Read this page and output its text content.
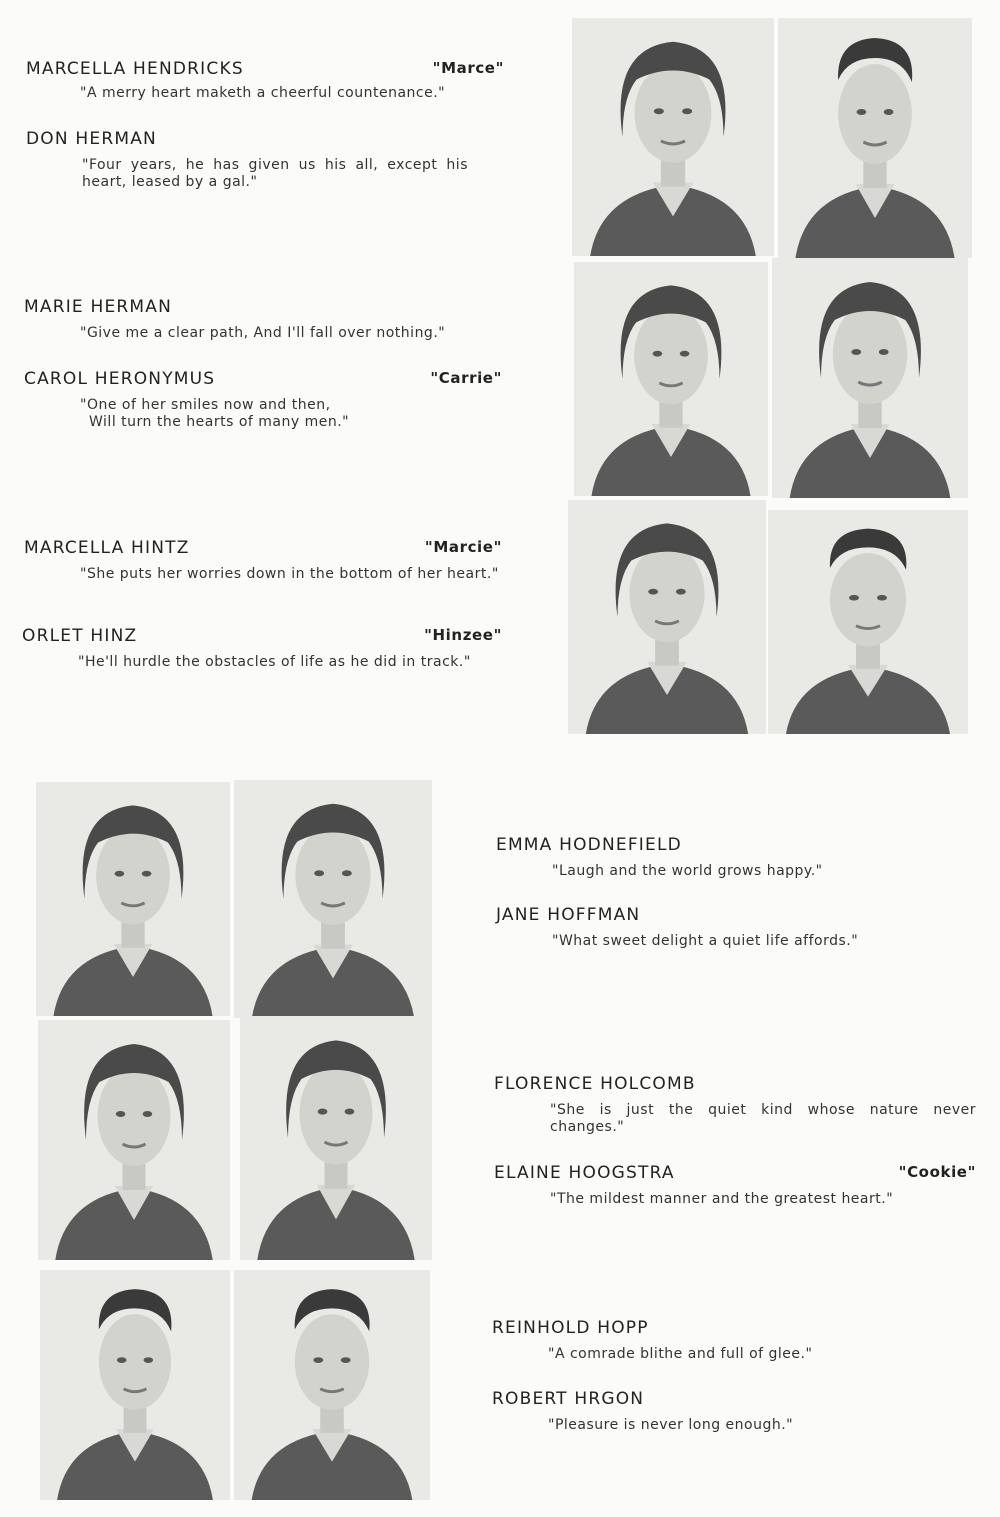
MARCELLA HENDRICKS	"Marce"
"A merry heart maketh a cheerful countenance."
DON HERMAN
"Four years, he has given us his all, except his heart, leased by a gal."
MARIE HERMAN
"Give me a clear path, And I'll fall over nothing."
CAROL HERONYMUS	"Carrie"
"One of her smiles now and then,
Will turn the hearts of many men."
MARCELLA HINTZ	"Marcie"
"She puts her worries down in the bottom of her heart."
ORLET HINZ	"Hinzee"
"He'll hurdle the obstacles of life as he did in track."
EMMA HODNEFIELD
"Laugh and the world grows happy."
JANE HOFFMAN
"What sweet delight a quiet life affords."
FLORENCE HOLCOMB
"She is just the quiet kind whose nature never changes."
ELAINE HOOGSTRA	"Cookie"
"The mildest manner and the greatest heart."
REINHOLD HOPP
"A comrade blithe and full of glee."
ROBERT HRGON
"Pleasure is never long enough."
